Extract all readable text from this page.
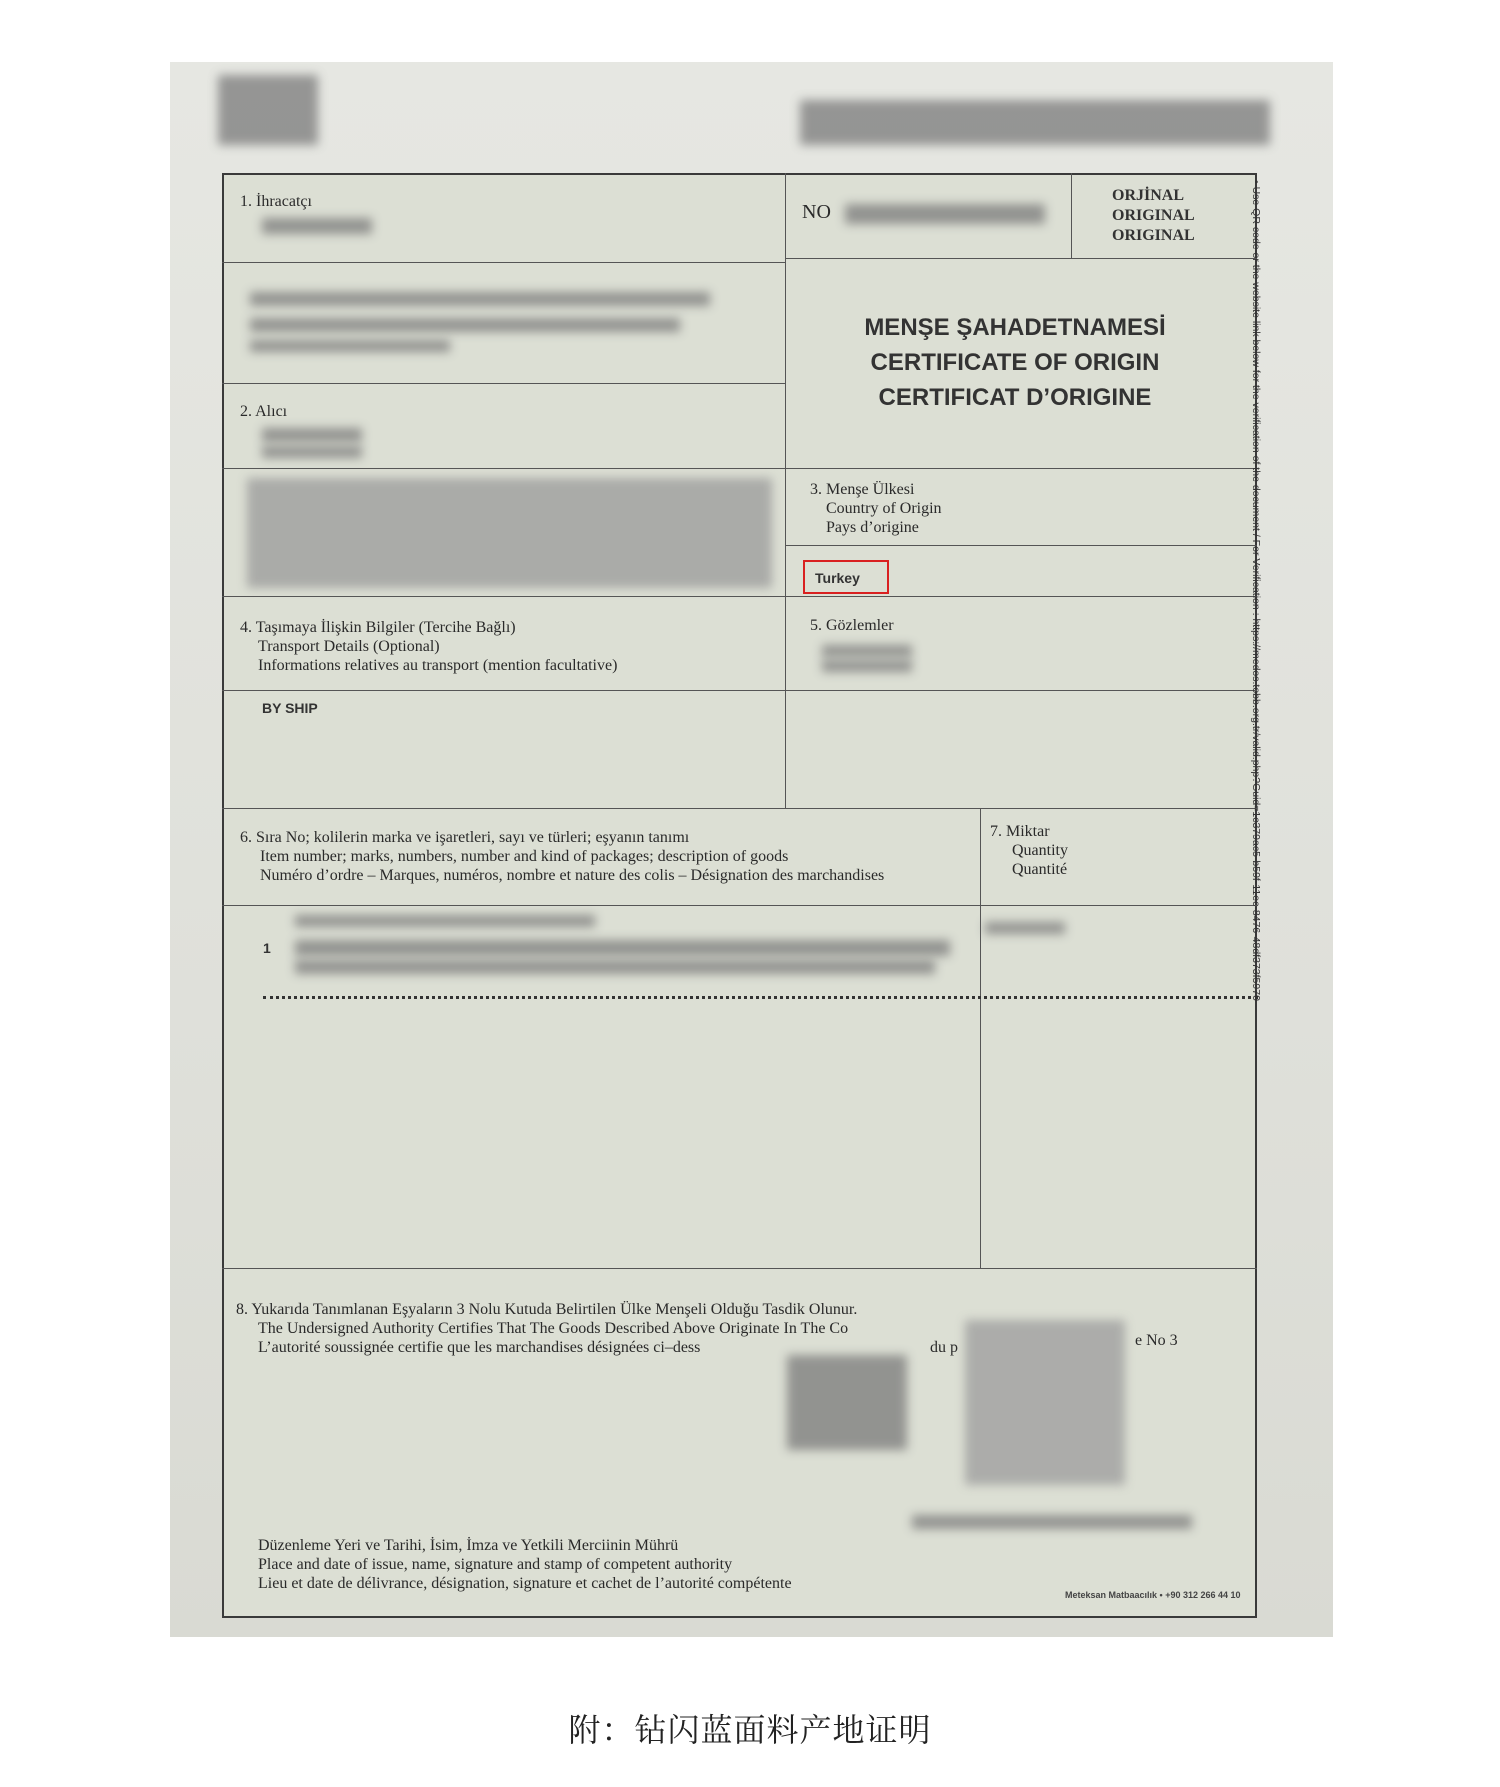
1. İhracatçı	NO
ORJİNAL
ORIGINAL
ORIGINAL
MENŞE ŞAHADETNAMESİ
CERTIFICATE OF ORIGIN
CERTIFICAT D’ORIGINE
2. Alıcı
3. Menşe Ülkesi
Country of Origin
Pays d’origine
Turkey
4. Taşımaya İlişkin Bilgiler (Tercihe Bağlı)
Transport Details (Optional)
Informations relatives au transport (mention facultative)
BY SHIP
5. Gözlemler
6. Sıra No; kolilerin marka ve işaretleri, sayı ve türleri; eşyanın tanımı
Item number; marks, numbers, number and kind of packages; description of goods
Numéro d’ordre – Marques, numéros, nombre et nature des colis – Désignation des marchandises
1
7. Miktar
Quantity
Quantité
8. Yukarıda Tanımlanan Eşyaların 3 Nolu Kutuda Belirtilen Ülke Menşeli Olduğu Tasdik Olunur.
The Undersigned Authority Certifies That The Goods Described Above Originate In The Co
L’autorité soussignée certifie que les marchandises désignées ci–dess	du p	e No 3
Düzenleme Yeri ve Tarihi, İsim, İmza ve Yetkili Merciinin Mührü
Place and date of issue, name, signature and stamp of competent authority
Lieu et date de délivrance, désignation, signature et cachet de l’autorité compétente
• Use QR code or the website link below for the verification of the document / For Verification : https://medos.tobb.org.tr/valid.php?Guid=1c379ac5-b59f-11ec-8476-48df373f5970
Meteksan Matbaacılık • +90 312 266 44 10
附：钻闪蓝面料产地证明
